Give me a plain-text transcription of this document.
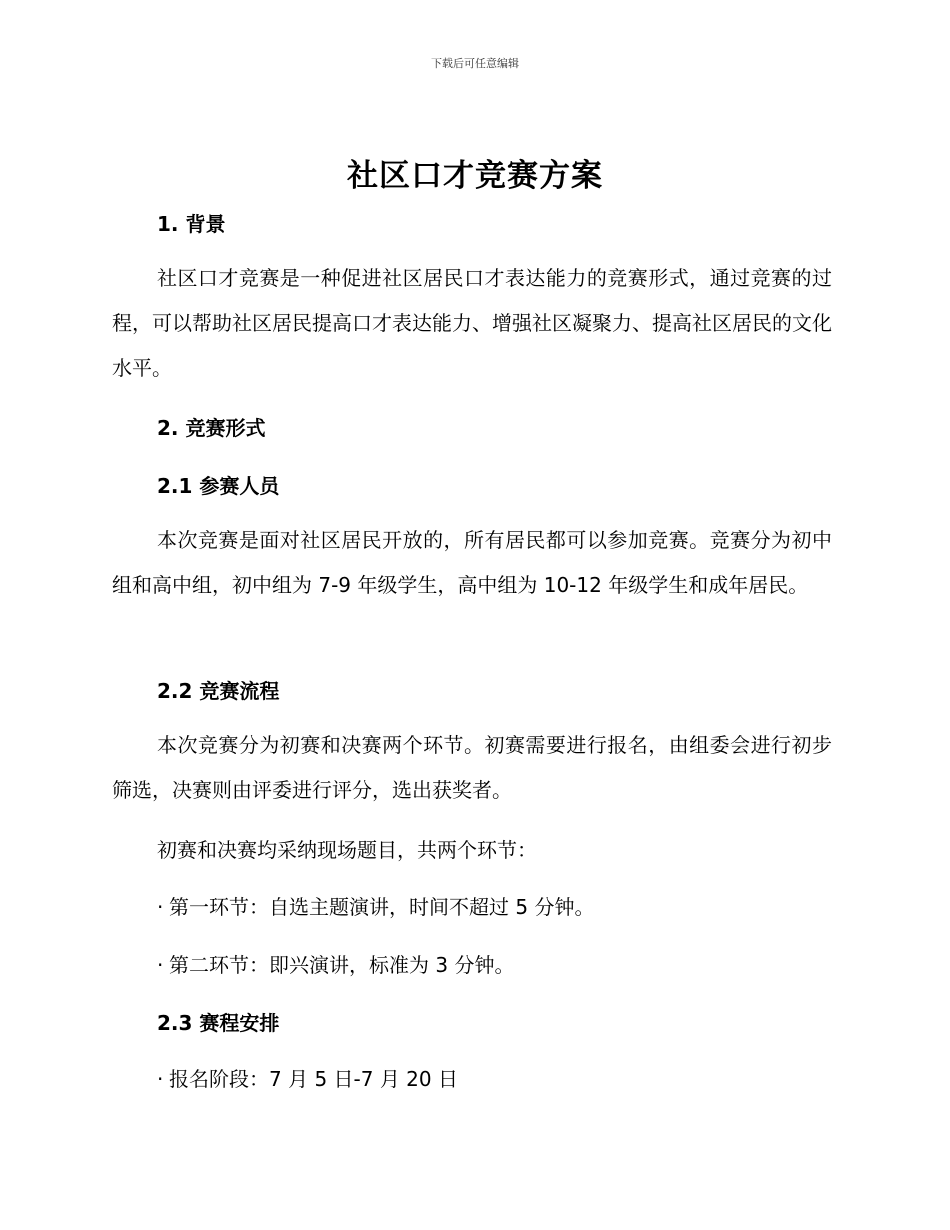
下载后可任意编辑
社区口才竞赛方案
1. 背景
社区口才竞赛是一种促进社区居民口才表达能力的竞赛形式，通过竞赛的过程，可以帮助社区居民提高口才表达能力、增强社区凝聚力、提高社区居民的文化水平。
2. 竞赛形式
2.1 参赛人员
本次竞赛是面对社区居民开放的，所有居民都可以参加竞赛。竞赛分为初中组和高中组，初中组为 7-9 年级学生，高中组为 10-12 年级学生和成年居民。
2.2 竞赛流程
本次竞赛分为初赛和决赛两个环节。初赛需要进行报名，由组委会进行初步筛选，决赛则由评委进行评分，选出获奖者。
初赛和决赛均采纳现场题目，共两个环节：
· 第一环节：自选主题演讲，时间不超过 5 分钟。
· 第二环节：即兴演讲，标准为 3 分钟。
2.3 赛程安排
· 报名阶段：7 月 5 日-7 月 20 日
